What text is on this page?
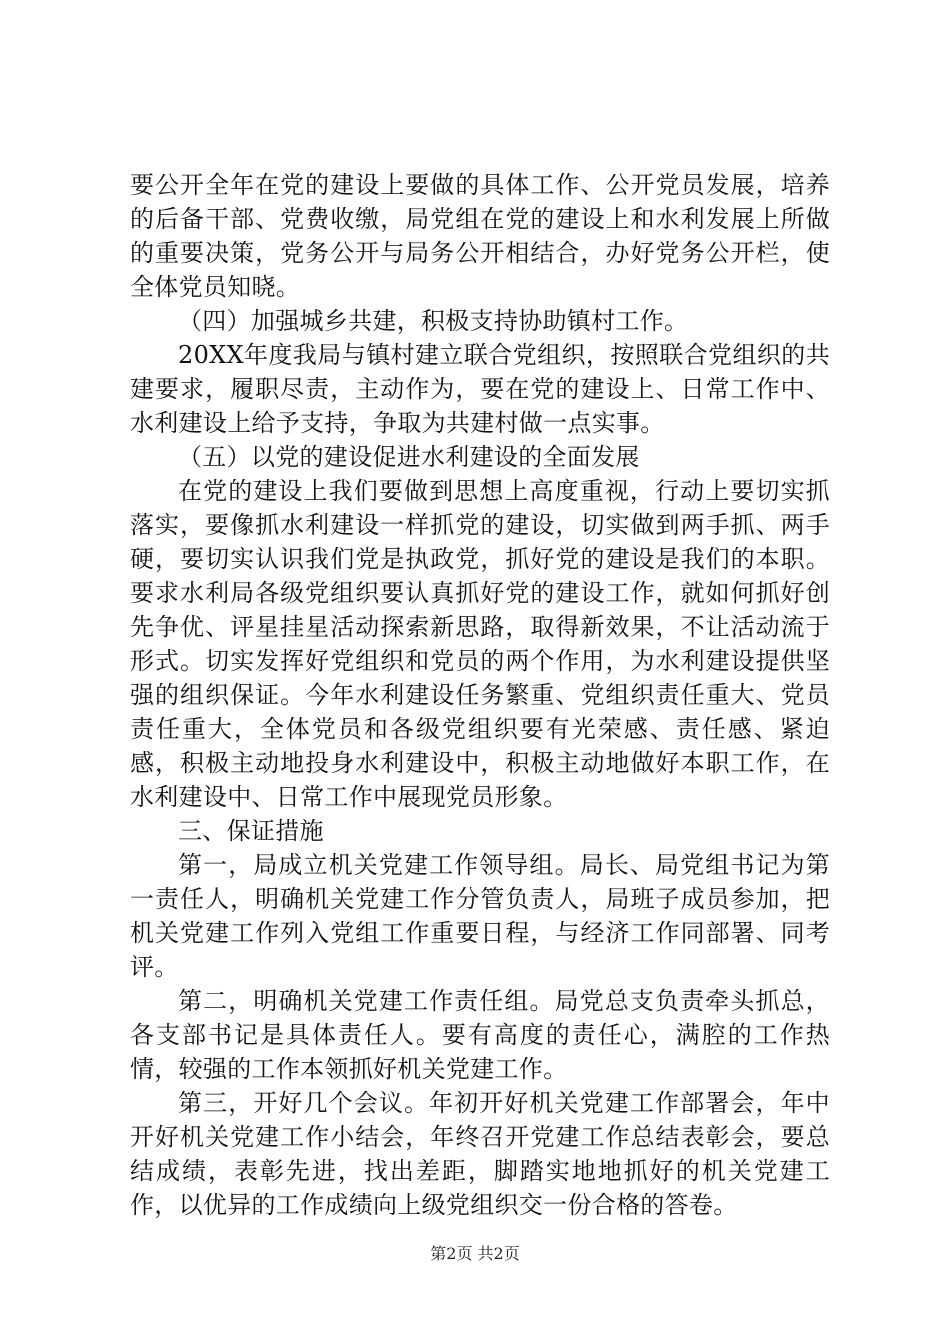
要公开全年在党的建设上要做的具体工作、公开党员发展，培养的后备干部、党费收缴，局党组在党的建设上和水利发展上所做的重要决策，党务公开与局务公开相结合，办好党务公开栏，使全体党员知晓。

（四）加强城乡共建，积极支持协助镇村工作。

20XX年度我局与镇村建立联合党组织，按照联合党组织的共建要求，履职尽责，主动作为，要在党的建设上、日常工作中、水利建设上给予支持，争取为共建村做一点实事。

（五）以党的建设促进水利建设的全面发展

在党的建设上我们要做到思想上高度重视，行动上要切实抓落实，要像抓水利建设一样抓党的建设，切实做到两手抓、两手硬，要切实认识我们党是执政党，抓好党的建设是我们的本职。要求水利局各级党组织要认真抓好党的建设工作，就如何抓好创先争优、评星挂星活动探索新思路，取得新效果，不让活动流于形式。切实发挥好党组织和党员的两个作用，为水利建设提供坚强的组织保证。今年水利建设任务繁重、党组织责任重大、党员责任重大，全体党员和各级党组织要有光荣感、责任感、紧迫感，积极主动地投身水利建设中，积极主动地做好本职工作，在水利建设中、日常工作中展现党员形象。

三、保证措施

第一，局成立机关党建工作领导组。局长、局党组书记为第一责任人，明确机关党建工作分管负责人，局班子成员参加，把机关党建工作列入党组工作重要日程，与经济工作同部署、同考评。

第二，明确机关党建工作责任组。局党总支负责牵头抓总，各支部书记是具体责任人。要有高度的责任心，满腔的工作热情，较强的工作本领抓好机关党建工作。

第三，开好几个会议。年初开好机关党建工作部署会，年中开好机关党建工作小结会，年终召开党建工作总结表彰会，要总结成绩，表彰先进，找出差距，脚踏实地地抓好的机关党建工作，以优异的工作成绩向上级党组织交一份合格的答卷。

第2页 共2页
